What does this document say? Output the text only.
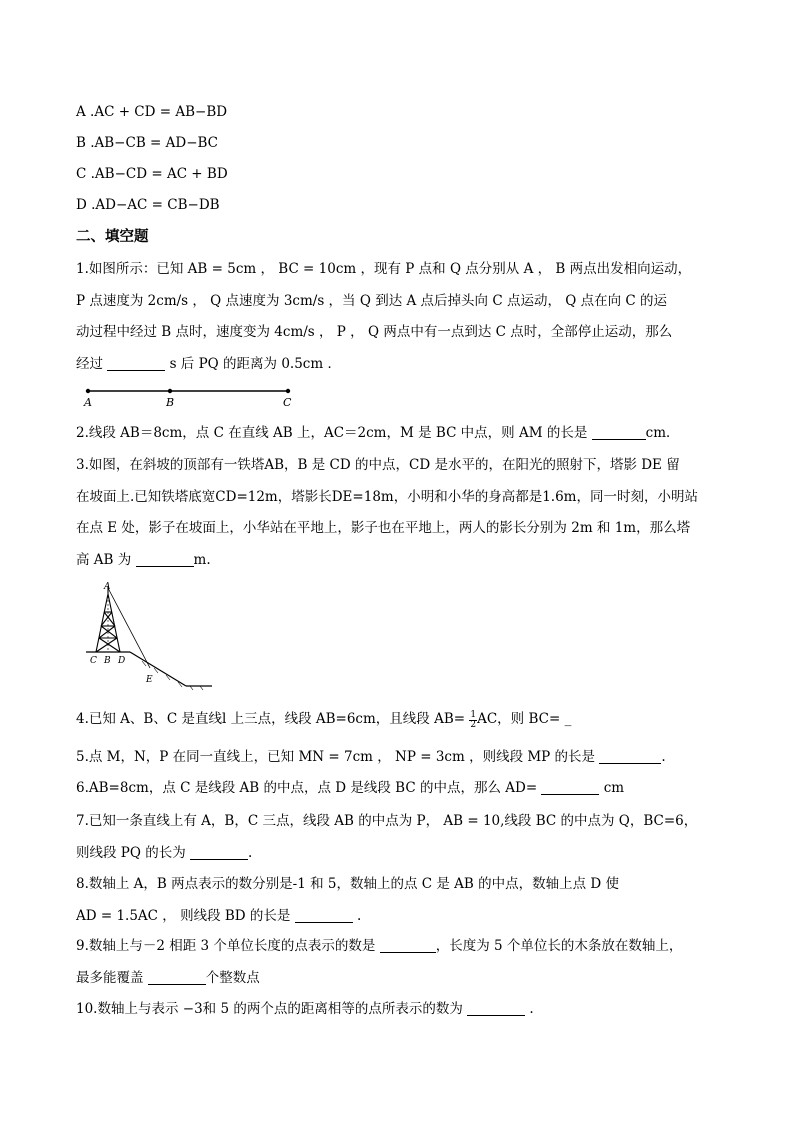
A .AC + CD = AB−BD
B .AB−CB = AD−BC
C .AB−CD = AC + BD
D .AD−AC = CB−DB
二、填空题
1.如图所示：已知 AB = 5cm ， BC = 10cm ，现有 P 点和 Q 点分别从 A ， B 两点出发相向运动，
P 点速度为 2cm/s ， Q 点速度为 3cm/s ，当 Q 到达 A 点后掉头向 C 点运动， Q 点在向 C 的运
动过程中经过 B 点时，速度变为 4cm/s ， P ， Q 两点中有一点到达 C 点时，全部停止运动，那么
经过	s 后 PQ 的距离为 0.5cm ．
A	B	C
2.线段 AB＝8cm，点 C 在直线 AB 上，AC＝2cm，M 是 BC 中点，则 AM 的长是	cm．
3.如图，在斜坡的顶部有一铁塔AB，B 是 CD 的中点，CD 是水平的，在阳光的照射下，塔影 DE 留
在坡面上.已知铁塔底宽CD=12m，塔影长DE=18m，小明和小华的身高都是1.6m，同一时刻，小明站
在点 E 处，影子在坡面上，小华站在平地上，影子也在平地上，两人的影长分别为 2m 和 1m，那么塔
高 AB 为	m.
A
C B D
E
4.已知 A、B、C 是直线l 上三点，线段 AB=6cm，且线段 $AB= \frac{1}{2}AC$，则 BC= _
5.点 M，N，P 在同一直线上，已知 MN = 7cm ， NP = 3cm ，则线段 MP 的长是	.
6.AB=8cm，点 C 是线段 AB 的中点，点 D 是线段 BC 的中点，那么 AD=	cm
7.已知一条直线上有 A，B，C 三点，线段 AB 的中点为 P， AB = 10,线段 BC 的中点为 Q，BC=6，
则线段 PQ 的长为	.
8.数轴上 A，B 两点表示的数分别是-1 和 5，数轴上的点 C 是 AB 的中点，数轴上点 D 使
AD = 1.5AC ， 则线段 BD 的长是	.
9.数轴上与－2 相距 3 个单位长度的点表示的数是	，长度为 5 个单位长的木条放在数轴上，
最多能覆盖	个整数点
10.数轴上与表示 −3和 5 的两个点的距离相等的点所表示的数为	.
